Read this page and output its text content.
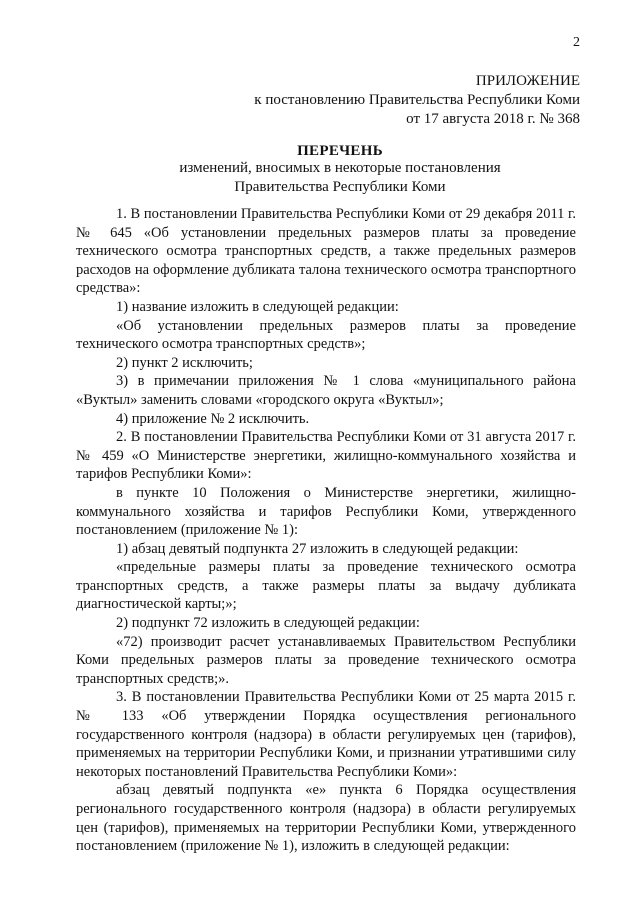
2
ПРИЛОЖЕНИЕ
к постановлению Правительства Республики Коми
от 17 августа 2018 г. № 368
ПЕРЕЧЕНЬ
изменений, вносимых в некоторые постановления
Правительства Республики Коми

1. В постановлении Правительства Республики Коми от 29 декабря 2011 г. № 645 «Об установлении предельных размеров платы за проведение технического осмотра транспортных средств, а также предельных размеров расходов на оформление дубликата талона технического осмотра транспортного средства»:

1) название изложить в следующей редакции:

«Об установлении предельных размеров платы за проведение технического осмотра транспортных средств»;

2) пункт 2 исключить;

3) в примечании приложения № 1 слова «муниципального района «Вуктыл» заменить словами «городского округа «Вуктыл»;

4) приложение № 2 исключить.

2. В постановлении Правительства Республики Коми от 31 августа 2017 г. № 459 «О Министерстве энергетики, жилищно-коммунального хозяйства и тарифов Республики Коми»:

в пункте 10 Положения о Министерстве энергетики, жилищно-коммунального хозяйства и тарифов Республики Коми, утвержденного постановлением (приложение № 1):

1) абзац девятый подпункта 27 изложить в следующей редакции:

«предельные размеры платы за проведение технического осмотра транспортных средств, а также размеры платы за выдачу дубликата диагностической карты;»;

2) подпункт 72 изложить в следующей редакции:

«72) производит расчет устанавливаемых Правительством Республики Коми предельных размеров платы за проведение технического осмотра транспортных средств;».

3. В постановлении Правительства Республики Коми от 25 марта 2015 г. № 133 «Об утверждении Порядка осуществления регионального государственного контроля (надзора) в области регулируемых цен (тарифов), применяемых на территории Республики Коми, и признании утратившими силу некоторых постановлений Правительства Республики Коми»:

абзац девятый подпункта «е» пункта 6 Порядка осуществления регионального государственного контроля (надзора) в области регулируемых цен (тарифов), применяемых на территории Республики Коми, утвержденного постановлением (приложение № 1), изложить в следующей редакции:
